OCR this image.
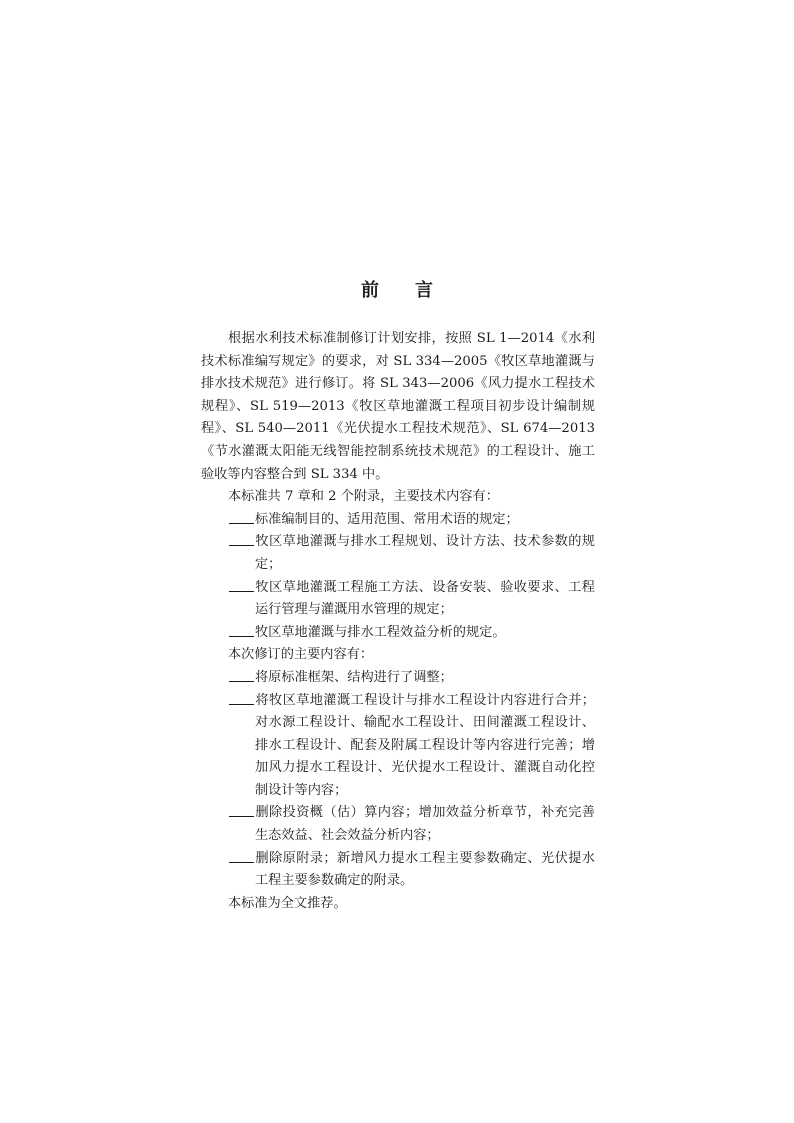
前 言

根据水利技术标准制修订计划安排，按照 SL 1—2014《水利技术标准编写规定》的要求，对 SL 334—2005《牧区草地灌溉与排水技术规范》进行修订。将 SL 343—2006《风力提水工程技术规程》、SL 519—2013《牧区草地灌溉工程项目初步设计编制规程》、SL 540—2011《光伏提水工程技术规范》、SL 674—2013《节水灌溉太阳能无线智能控制系统技术规范》的工程设计、施工验收等内容整合到 SL 334 中。

本标准共 7 章和 2 个附录，主要技术内容有：

标准编制目的、适用范围、常用术语的规定；

牧区草地灌溉与排水工程规划、设计方法、技术参数的规定；

牧区草地灌溉工程施工方法、设备安装、验收要求、工程运行管理与灌溉用水管理的规定；

牧区草地灌溉与排水工程效益分析的规定。

本次修订的主要内容有：

将原标准框架、结构进行了调整；

将牧区草地灌溉工程设计与排水工程设计内容进行合并；对水源工程设计、输配水工程设计、田间灌溉工程设计、排水工程设计、配套及附属工程设计等内容进行完善；增加风力提水工程设计、光伏提水工程设计、灌溉自动化控制设计等内容；

删除投资概（估）算内容；增加效益分析章节，补充完善生态效益、社会效益分析内容；

删除原附录；新增风力提水工程主要参数确定、光伏提水工程主要参数确定的附录。

本标准为全文推荐。
